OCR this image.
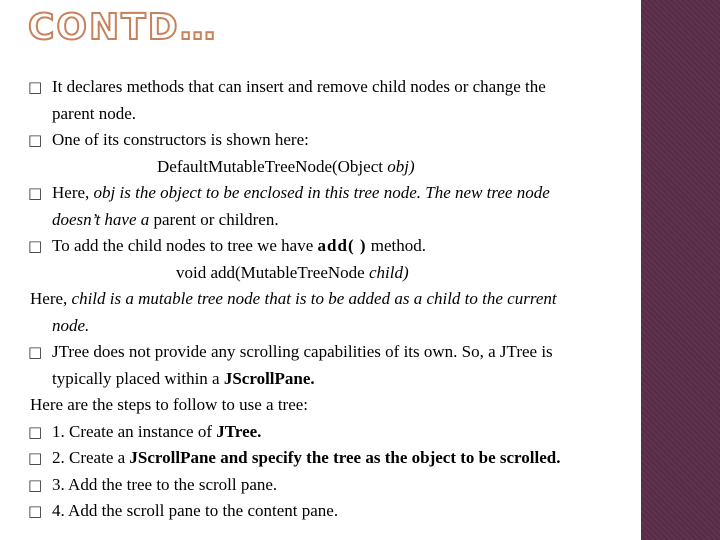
CONTD…
□ It declares methods that can insert and remove child nodes or change the
parent node.
□ One of its constructors is shown here:
DefaultMutableTreeNode(Object obj)
□ Here, obj is the object to be enclosed in this tree node. The new tree node
doesn’t have a parent or children.
□ To add the child nodes to tree we have add( ) method.
void add(MutableTreeNode child)
Here, child is a mutable tree node that is to be added as a child to the current
node.
□ JTree does not provide any scrolling capabilities of its own. So, a JTree is
typically placed within a JScrollPane.
Here are the steps to follow to use a tree:
□ 1. Create an instance of JTree.
□ 2. Create a JScrollPane and specify the tree as the object to be scrolled.
□ 3. Add the tree to the scroll pane.
□ 4. Add the scroll pane to the content pane.
